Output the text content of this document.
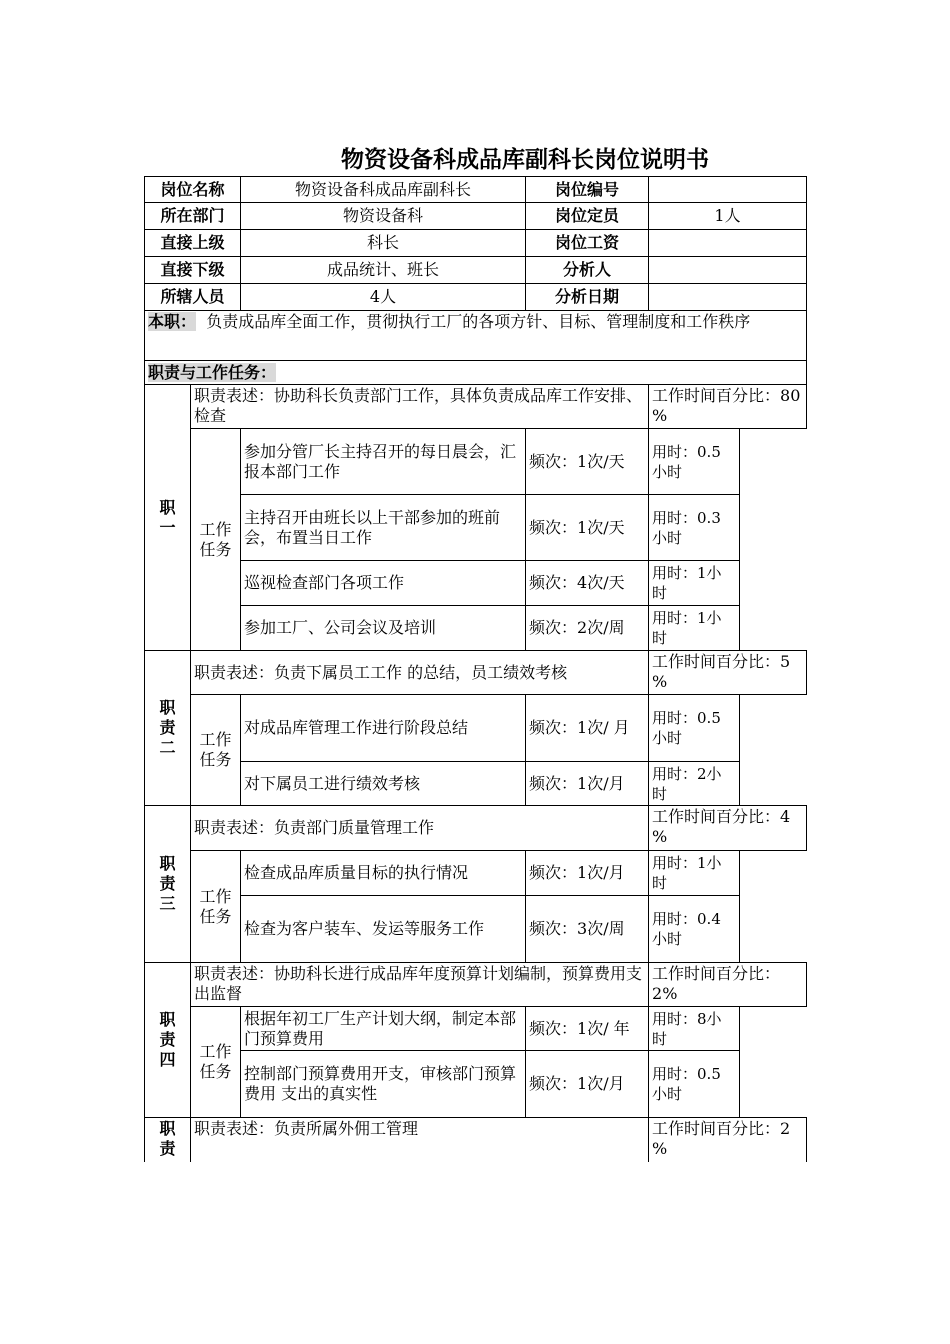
物资设备科成品库副科长岗位说明书
岗位名称		物资设备科成品库副科长	岗位编号	
所在部门		物资设备科	岗位定员	1人
直接上级		科长	岗位工资	
直接下级		成品统计、班长	分析人	
所辖人员		4人	分析日期	
本职： 负责成品库全面工作，贯彻执行工厂的各项方针、目标、管理制度和工作秩序				
职责与工作任务：				

职一	职责表述：协助科长负责部门工作，具体负责成品库工作安排、检查			工作时间百分比：80 %

	工作任务	参加分管厂长主持召开的每日晨会，汇报本部门工作	频次：1次/天	用时：0.5 小时
		主持召开由班长以上干部参加的班前会，布置当日工作	频次：1次/天	用时：0.3 小时
		巡视检查部门各项工作	频次：4次/天	用时：1小时
		参加工厂、公司会议及培训	频次：2次/周	用时：1小时

职责二	职责表述：负责下属员工工作 的总结，员工绩效考核			工作时间百分比：5 %

	工作任务	对成品库管理工作进行阶段总结	频次：1次/ 月	用时：0.5 小时
		对下属员工进行绩效考核	频次：1次/月	用时：2小时

职责三	职责表述：负责部门质量管理工作			工作时间百分比：4 %

	工作任务	检查成品库质量目标的执行情况	频次：1次/月	用时：1小时
		检查为客户装车、发运等服务工作	频次：3次/周	用时：0.4 小时

职责四	职责表述：协助科长进行成品库年度预算计划编制，预算费用支出监督			工作时间百分比：2%

	工作任务	根据年初工厂生产计划大纲，制定本部门预算费用	频次：1次/ 年	用时：8小时
		控制部门预算费用开支，审核部门预算费用 支出的真实性	频次：1次/月	用时：0.5 小时

职责	职责表述：负责所属外佣工管理			工作时间百分比：2 %
